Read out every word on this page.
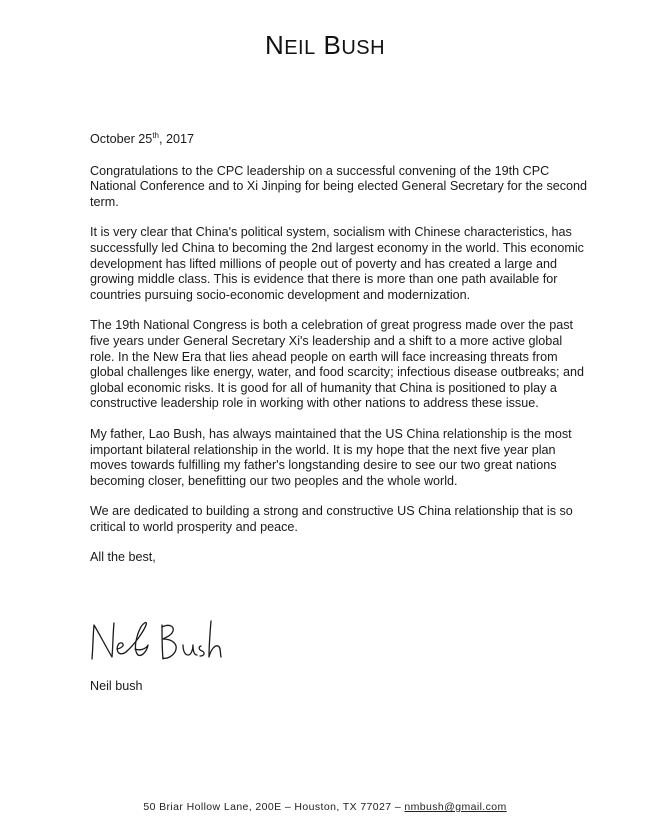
NEIL BUSH

October 25th, 2017

Congratulations to the CPC leadership on a successful convening of the 19th CPC National Conference and to Xi Jinping for being elected General Secretary for the second term.

It is very clear that China's political system, socialism with Chinese characteristics, has successfully led China to becoming the 2nd largest economy in the world. This economic development has lifted millions of people out of poverty and has created a large and growing middle class. This is evidence that there is more than one path available for countries pursuing socio-economic development and modernization.

The 19th National Congress is both a celebration of great progress made over the past five years under General Secretary Xi's leadership and a shift to a more active global role. In the New Era that lies ahead people on earth will face increasing threats from global challenges like energy, water, and food scarcity; infectious disease outbreaks; and global economic risks. It is good for all of humanity that China is positioned to play a constructive leadership role in working with other nations to address these issue.

My father, Lao Bush, has always maintained that the US China relationship is the most important bilateral relationship in the world. It is my hope that the next five year plan moves towards fulfilling my father's longstanding desire to see our two great nations becoming closer, benefitting our two peoples and the whole world.

We are dedicated to building a strong and constructive US China relationship that is so critical to world prosperity and peace.

All the best,

Neil bush
50 Briar Hollow Lane, 200E – Houston, TX 77027 – nmbush@gmail.com
